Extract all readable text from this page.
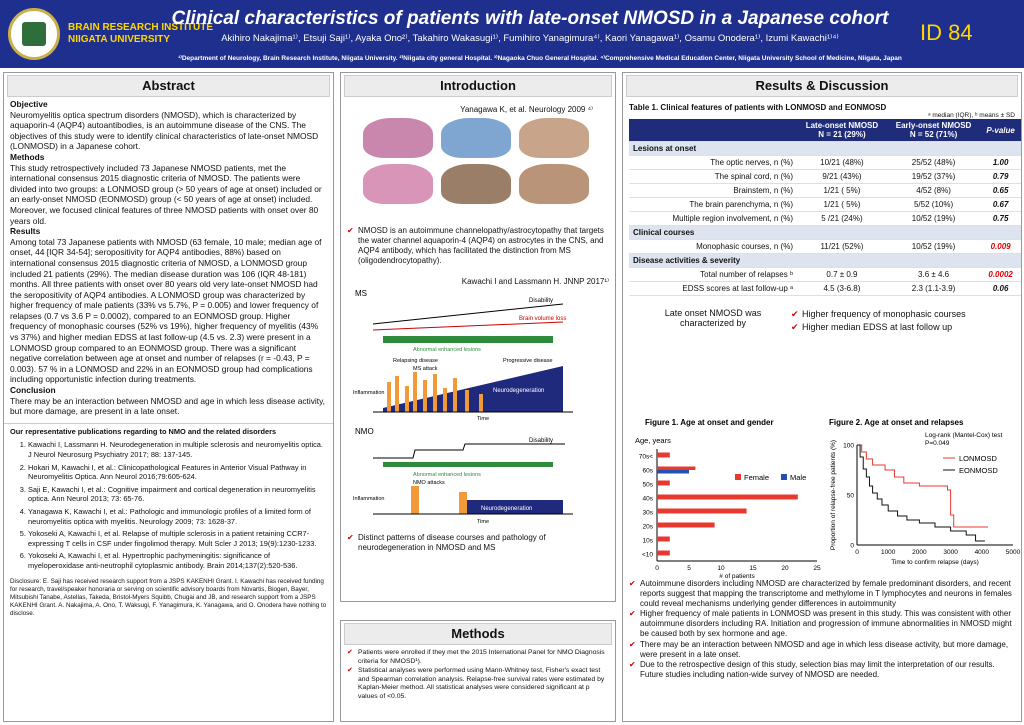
BRAIN RESEARCH INSTITUTE
NIIGATA UNIVERSITY
Clinical characteristics of patients with late-onset NMOSD in a Japanese cohort
Akihiro Nakajima¹⁾, Etsuji Saji¹⁾, Ayaka Ono²⁾, Takahiro Wakasugi¹⁾, Fumihiro Yanagimura⁴⁾, Kaori Yanagawa¹⁾, Osamu Onodera¹⁾, Izumi Kawachi¹⁾⁴⁾
¹⁾Department of Neurology, Brain Research Institute, Niigata University. ²⁾Niigata city general Hospital. ³⁾Nagaoka Chuo General Hospital. ⁴⁾Comprehensive Medical Education Center, Niigata University School of Medicine, Niigata, Japan
ID 84
Abstract
Objective

Neuromyelitis optica spectrum disorders (NMOSD), which is characterized by aquaporin-4 (AQP4) autoantibodies, is an autoimmune disease of the CNS. The objectives of this study were to identify clinical characteristics of late-onset NMOSD (LONMOSD) in a Japanese cohort.

Methods

This study retrospectively included 73 Japanese NMOSD patients, met the international consensus 2015 diagnostic criteria of NMOSD. The patients were divided into two groups: a LONMOSD group (> 50 years of age at onset) included or an early-onset NMOSD (EONMOSD) group (< 50 years of age at onset) included. Moreover, we focused clinical features of three NMOSD patients with onset over 80 years old.

Results

Among total 73 Japanese patients with NMOSD (63 female, 10 male; median age of onset, 44 [IQR 34-54]; seropositivity for AQP4 antibodies, 88%) based on international consensus 2015 diagnostic criteria of NMOSD, a LONMOSD group included 21 patients (29%). The median disease duration was 106 (IQR 48-181) months. All three patients with onset over 80 years old very late-onset NMOSD had the seropositivity of AQP4 antibodies. A LONMOSD group was characterized by higher frequency of male patients (33% vs 5.7%, P = 0.005) and lower frequency of relapses (0.7 vs 3.6 P = 0.0002), compared to an EONMOSD group. Higher frequency of monophasic courses (52% vs 19%), higher frequency of myelitis (43% vs 37%) and higher median EDSS at last follow-up (4.5 vs. 2.3) were present in a LONMOSD group compared to an EONMOSD group. There was a significant negative correlation between age at onset and number of relapses (r = -0.43, P = 0.003). 57 % in a LONMOSD and 22% in an EONMOSD group had complications including opportunistic infection during treatments.

Conclusion

There may be an interaction between NMOSD and age in which less disease activity, but more damage, are present in a late onset.

Our representative publications regarding to NMO and the related disorders
1. Kawachi I, Lassmann H. Neurodegeneration in multiple sclerosis and neuromyelitis optica. J Neurol Neurosurg Psychiatry 2017; 88: 137-145.
2. Hokari M, Kawachi I, et al.: Clinicopathological Features in Anterior Visual Pathway in Neuromyelitis Optica. Ann Neurol 2016;79:605-624.
3. Saji E, Kawachi I, et al.: Cognitive impairment and cortical degeneration in neuromyelitis optica. Ann Neurol 2013; 73: 65-76.
4. Yanagawa K, Kawachi I, et al.: Pathologic and immunologic profiles of a limited form of neuromyelitis optica with myelitis. Neurology 2009; 73: 1628-37.
5. Yokoseki A, Kawachi I, et al. Relapse of multiple sclerosis in a patient retaining CCR7- expressing T cells in CSF under fingolimod therapy. Mult Scler J 2013; 19(9):1230-1233.
6. Yokoseki A, Kawachi I, et al. Hypertrophic pachymeningitis: significance of myeloperoxidase anti-neutrophil cytoplasmic antibody. Brain 2014;137(2):520-536.
Disclosure: E. Saji has received research support from a JSPS KAKENHI Grant. I. Kawachi has received funding for research, travel/speaker honoraria or serving on scientific advisory boards from Novartis, Biogen, Bayer, Mitsubishi Tanabe, Astellas, Takeda, Bristol-Myers Squibb, Chugai and JB, and research support from a JSPS KAKENHI Grant. A. Nakajima, A. Ono, T. Waksugi, F. Yanagimura, K. Yanagawa, and O. Onodera have nothing to disclose.
Introduction
Yanagawa K, et al. Neurology 2009 ⁴⁾
✔ NMOSD is an autoimmune channelopathy/astrocytopathy that targets the water channel aquaporin-4 (AQP4) on astrocytes in the CNS, and AQP4 antibody, which has facilitated the distinction from MS (oligodendrocytopathy).
Kawachi I and Lassmann H. JNNP 2017¹⁾
MS
Disability
Brain volume loss
Abnormal enhanced lesions
Relapsing disease	Progressive disease
MS attack
Inflammation	Neurodegeneration
Time
NMO
Disability
Abnormal enhanced lesions
NMO attacks
Neurodegeneration
Inflammation
Time
✔ Distinct patterns of disease courses and pathology of neurodegeneration in NMOSD and MS
Methods
✔ Patients were enrolled if they met the 2015 International Panel for NMO Diagnosis criteria for NMOSD¹).
✔ Statistical analyses were performed using Mann-Whitney test, Fisher's exact test and Spearman correlation analysis. Relapse-free survival rates were estimated by Kaplan-Meier method. All statistical analyses were considered significant at p values of <0.05.
Results & Discussion
Table 1. Clinical features of patients with LONMOSD and EONMOSD
ᵃ median (IQR), ᵇ means ± SD
	Late-onset NMOSD
N = 21 (29%)	Early-onset NMOSD
N = 52 (71%)	P-value
Lesions at onset			
The optic nerves, n (%)	10/21 (48%)	25/52 (48%)	1.00
The spinal cord, n (%)	9/21 (43%)	19/52 (37%)	0.79
Brainstem, n (%)	1/21 ( 5%)	4/52 (8%)	0.65
The brain parenchyma, n (%)	1/21 ( 5%)	5/52 (10%)	0.67
Multiple region involvement, n (%)	5 /21 (24%)	10/52 (19%)	0.75
Clinical courses			
Monophasic courses, n (%)	11/21 (52%)	10/52 (19%)	0.009
Disease activities & severity			
Total number of relapses ᵇ	0.7 ± 0.9	3.6 ± 4.6	0.0002
EDSS scores at last follow-up ᵃ	4.5 (3-6.8)	2.3 (1.1-3.9)	0.06
Late onset NMOSD was characterized by
✔ Higher frequency of monophasic courses
✔ Higher median EDSS at last follow up
Figure 1. Age at onset and gender
Age, years
<10
10s
20s
30s
40s
50s
60s
70s<
0	5	10	15	20	25
# of patients
Female	Male
Figure 2. Age at onset and relapses
Log-rank (Mantel-Cox) test
P=0.049
Proportion of relapse-free patients (%) 0
50
100
0	1000	2000	3000	4000	5000
Time to confirm relapse (days)
LONMOSD
EONMOSD
✔ Autoimmune disorders including NMOSD are characterized by female predominant disorders, and recent reports suggest that mapping the transcriptome and methylome in T lymphocytes and neurons in females could reveal mechanisms underlying gender differences in autoimmunity
✔ Higher frequency of male patients in LONMOSD was present in this study. This was consistent with other autoimmune disorders including RA. Initiation and progression of immune abnormalities in NMOSD might be caused both by sex hormone and age.
✔ There may be an interaction between NMOSD and age in which less disease activity, but more damage, were present in a late onset.
✔ Due to the retrospective design of this study, selection bias may limit the interpretation of our results. Future studies including nation-wide survey of NMOSD are needed.
